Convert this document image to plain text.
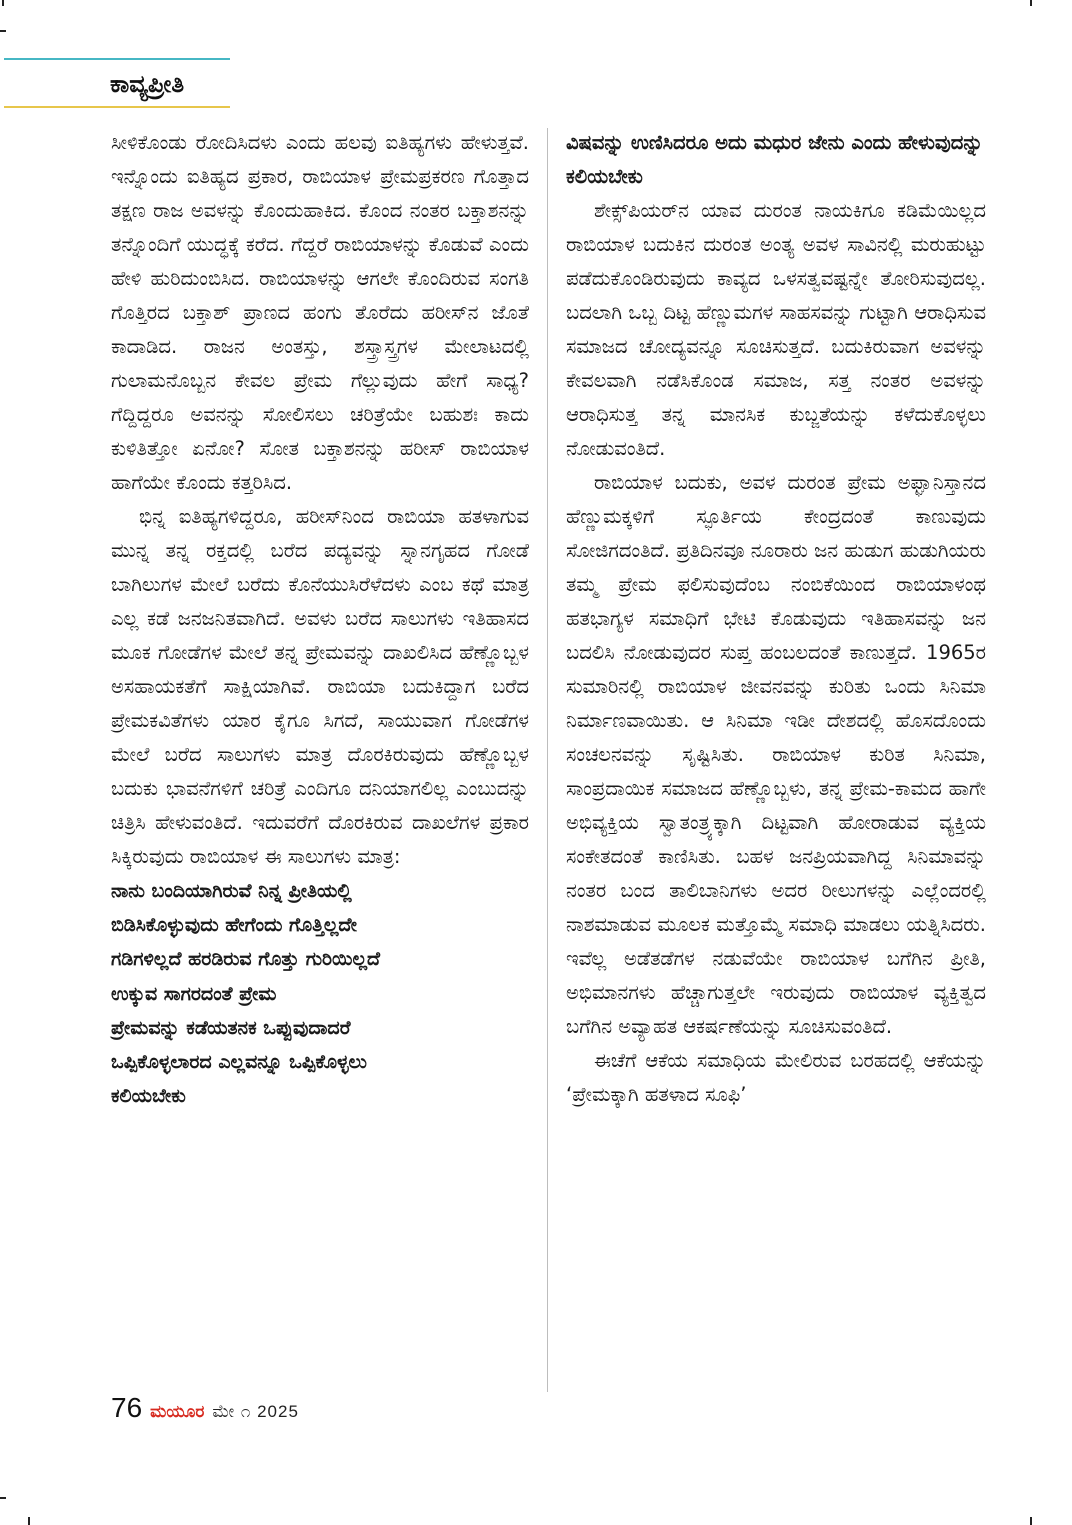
ಕಾವ್ಯಪ್ರೀತಿ

ಸೀಳಿಕೊಂಡು ರೋದಿಸಿದಳು ಎಂದು ಹಲವು ಐತಿಹ್ಯಗಳು ಹೇಳುತ್ತವೆ. ಇನ್ನೊಂದು ಐತಿಹ್ಯದ ಪ್ರಕಾರ, ರಾಬಿಯಾಳ ಪ್ರೇಮಪ್ರಕರಣ ಗೊತ್ತಾದ ತಕ್ಷಣ ರಾಜ ಅವಳನ್ನು ಕೊಂದುಹಾಕಿದ. ಕೊಂದ ನಂತರ ಬಕ್ತಾಶನನ್ನು ತನ್ನೊಂದಿಗೆ ಯುದ್ಧಕ್ಕೆ ಕರೆದ. ಗೆದ್ದರೆ ರಾಬಿಯಾಳನ್ನು ಕೊಡುವೆ ಎಂದು ಹೇಳಿ ಹುರಿದುಂಬಿಸಿದ. ರಾಬಿಯಾಳನ್ನು ಆಗಲೇ ಕೊಂದಿರುವ ಸಂಗತಿ ಗೊತ್ತಿರದ ಬಕ್ತಾಶ್ ಪ್ರಾಣದ ಹಂಗು ತೊರೆದು ಹರೀಸ್‌ನ ಜೊತೆ ಕಾದಾಡಿದ. ರಾಜನ ಅಂತಸ್ತು, ಶಸ್ತ್ರಾಸ್ತ್ರಗಳ ಮೇಲಾಟದಲ್ಲಿ ಗುಲಾಮನೊಬ್ಬನ ಕೇವಲ ಪ್ರೇಮ ಗೆಲ್ಲುವುದು ಹೇಗೆ ಸಾಧ್ಯ? ಗೆದ್ದಿದ್ದರೂ ಅವನನ್ನು ಸೋಲಿಸಲು ಚರಿತ್ರೆಯೇ ಬಹುಶಃ ಕಾದು ಕುಳಿತಿತ್ತೋ ಏನೋ? ಸೋತ ಬಕ್ತಾಶನನ್ನು ಹರೀಸ್ ರಾಬಿಯಾಳ ಹಾಗೆಯೇ ಕೊಂದು ಕತ್ತರಿಸಿದ.

ಭಿನ್ನ ಐತಿಹ್ಯಗಳಿದ್ದರೂ, ಹರೀಸ್‌ನಿಂದ ರಾಬಿಯಾ ಹತಳಾಗುವ ಮುನ್ನ ತನ್ನ ರಕ್ತದಲ್ಲಿ ಬರೆದ ಪದ್ಯವನ್ನು ಸ್ನಾನಗೃಹದ ಗೋಡೆ ಬಾಗಿಲುಗಳ ಮೇಲೆ ಬರೆದು ಕೊನೆಯುಸಿರೆಳೆದಳು ಎಂಬ ಕಥೆ ಮಾತ್ರ ಎಲ್ಲ ಕಡೆ ಜನಜನಿತವಾಗಿದೆ. ಅವಳು ಬರೆದ ಸಾಲುಗಳು ಇತಿಹಾಸದ ಮೂಕ ಗೋಡೆಗಳ ಮೇಲೆ ತನ್ನ ಪ್ರೇಮವನ್ನು ದಾಖಲಿಸಿದ ಹೆಣ್ಣೊಬ್ಬಳ ಅಸಹಾಯಕತೆಗೆ ಸಾಕ್ಷಿಯಾಗಿವೆ. ರಾಬಿಯಾ ಬದುಕಿದ್ದಾಗ ಬರೆದ ಪ್ರೇಮಕವಿತೆಗಳು ಯಾರ ಕೈಗೂ ಸಿಗದೆ, ಸಾಯುವಾಗ ಗೋಡೆಗಳ ಮೇಲೆ ಬರೆದ ಸಾಲುಗಳು ಮಾತ್ರ ದೊರಕಿರುವುದು ಹೆಣ್ಣೊಬ್ಬಳ ಬದುಕು ಭಾವನೆಗಳಿಗೆ ಚರಿತ್ರೆ ಎಂದಿಗೂ ದನಿಯಾಗಲಿಲ್ಲ ಎಂಬುದನ್ನು ಚಿತ್ರಿಸಿ ಹೇಳುವಂತಿದೆ. ಇದುವರೆಗೆ ದೊರಕಿರುವ ದಾಖಲೆಗಳ ಪ್ರಕಾರ ಸಿಕ್ಕಿರುವುದು ರಾಬಿಯಾಳ ಈ ಸಾಲುಗಳು ಮಾತ್ರ:

ನಾನು ಬಂದಿಯಾಗಿರುವೆ ನಿನ್ನ ಪ್ರೀತಿಯಲ್ಲಿ
ಬಿಡಿಸಿಕೊಳ್ಳುವುದು ಹೇಗೆಂದು ಗೊತ್ತಿಲ್ಲದೇ
ಗಡಿಗಳಿಲ್ಲದೆ ಹರಡಿರುವ ಗೊತ್ತು ಗುರಿಯಿಲ್ಲದೆ
ಉಕ್ಕುವ ಸಾಗರದಂತೆ ಪ್ರೇಮ
ಪ್ರೇಮವನ್ನು ಕಡೆಯತನಕ ಒಪ್ಪುವುದಾದರೆ
ಒಪ್ಪಿಕೊಳ್ಳಲಾರದ ಎಲ್ಲವನ್ನೂ ಒಪ್ಪಿಕೊಳ್ಳಲು
ಕಲಿಯಬೇಕು

ವಿಷವನ್ನು ಉಣಿಸಿದರೂ ಅದು ಮಧುರ ಜೇನು ಎಂದು ಹೇಳುವುದನ್ನು ಕಲಿಯಬೇಕು

ಶೇಕ್ಸ್‌ಪಿಯರ್‌ನ ಯಾವ ದುರಂತ ನಾಯಕಿಗೂ ಕಡಿಮೆಯಿಲ್ಲದ ರಾಬಿಯಾಳ ಬದುಕಿನ ದುರಂತ ಅಂತ್ಯ ಅವಳ ಸಾವಿನಲ್ಲಿ ಮರುಹುಟ್ಟು ಪಡೆದುಕೊಂಡಿರುವುದು ಕಾವ್ಯದ ಒಳಸತ್ವವಷ್ಟನ್ನೇ ತೋರಿಸುವುದಲ್ಲ. ಬದಲಾಗಿ ಒಬ್ಬ ದಿಟ್ಟ ಹೆಣ್ಣುಮಗಳ ಸಾಹಸವನ್ನು ಗುಟ್ಟಾಗಿ ಆರಾಧಿಸುವ ಸಮಾಜದ ಚೋದ್ಯವನ್ನೂ ಸೂಚಿಸುತ್ತದೆ. ಬದುಕಿರುವಾಗ ಅವಳನ್ನು ಕೇವಲವಾಗಿ ನಡೆಸಿಕೊಂಡ ಸಮಾಜ, ಸತ್ತ ನಂತರ ಅವಳನ್ನು ಆರಾಧಿಸುತ್ತ ತನ್ನ ಮಾನಸಿಕ ಕುಬ್ಜತೆಯನ್ನು ಕಳೆದುಕೊಳ್ಳಲು ನೋಡುವಂತಿದೆ.

ರಾಬಿಯಾಳ ಬದುಕು, ಅವಳ ದುರಂತ ಪ್ರೇಮ ಅಫ್ಘಾನಿಸ್ತಾನದ ಹೆಣ್ಣುಮಕ್ಕಳಿಗೆ ಸ್ಫೂರ್ತಿಯ ಕೇಂದ್ರದಂತೆ ಕಾಣುವುದು ಸೋಜಿಗದಂತಿದೆ. ಪ್ರತಿದಿನವೂ ನೂರಾರು ಜನ ಹುಡುಗ ಹುಡುಗಿಯರು ತಮ್ಮ ಪ್ರೇಮ ಫಲಿಸುವುದೆಂಬ ನಂಬಿಕೆಯಿಂದ ರಾಬಿಯಾಳಂಥ ಹತಭಾಗ್ಯಳ ಸಮಾಧಿಗೆ ಭೇಟಿ ಕೊಡುವುದು ಇತಿಹಾಸವನ್ನು ಜನ ಬದಲಿಸಿ ನೋಡುವುದರ ಸುಪ್ತ ಹಂಬಲದಂತೆ ಕಾಣುತ್ತದೆ. 1965ರ ಸುಮಾರಿನಲ್ಲಿ ರಾಬಿಯಾಳ ಜೀವನವನ್ನು ಕುರಿತು ಒಂದು ಸಿನಿಮಾ ನಿರ್ಮಾಣವಾಯಿತು. ಆ ಸಿನಿಮಾ ಇಡೀ ದೇಶದಲ್ಲಿ ಹೊಸದೊಂದು ಸಂಚಲನವನ್ನು ಸೃಷ್ಟಿಸಿತು. ರಾಬಿಯಾಳ ಕುರಿತ ಸಿನಿಮಾ, ಸಾಂಪ್ರದಾಯಿಕ ಸಮಾಜದ ಹೆಣ್ಣೊಬ್ಬಳು, ತನ್ನ ಪ್ರೇಮ-ಕಾಮದ ಹಾಗೇ ಅಭಿವ್ಯಕ್ತಿಯ ಸ್ವಾತಂತ್ರ್ಯಕ್ಕಾಗಿ ದಿಟ್ಟವಾಗಿ ಹೋರಾಡುವ ವ್ಯಕ್ತಿಯ ಸಂಕೇತದಂತೆ ಕಾಣಿಸಿತು. ಬಹಳ ಜನಪ್ರಿಯವಾಗಿದ್ದ ಸಿನಿಮಾವನ್ನು ನಂತರ ಬಂದ ತಾಲಿಬಾನಿಗಳು ಅದರ ರೀಲುಗಳನ್ನು ಎಲ್ಲೆಂದರಲ್ಲಿ ನಾಶಮಾಡುವ ಮೂಲಕ ಮತ್ತೊಮ್ಮೆ ಸಮಾಧಿ ಮಾಡಲು ಯತ್ನಿಸಿದರು. ಇವೆಲ್ಲ ಅಡೆತಡೆಗಳ ನಡುವೆಯೇ ರಾಬಿಯಾಳ ಬಗೆಗಿನ ಪ್ರೀತಿ, ಅಭಿಮಾನಗಳು ಹೆಚ್ಚಾಗುತ್ತಲೇ ಇರುವುದು ರಾಬಿಯಾಳ ವ್ಯಕ್ತಿತ್ವದ ಬಗೆಗಿನ ಅವ್ಯಾಹತ ಆಕರ್ಷಣೆಯನ್ನು ಸೂಚಿಸುವಂತಿದೆ.

ಈಚೆಗೆ ಆಕೆಯ ಸಮಾಧಿಯ ಮೇಲಿರುವ ಬರಹದಲ್ಲಿ ಆಕೆಯನ್ನು ‘ಪ್ರೇಮಕ್ಕಾಗಿ ಹತಳಾದ ಸೂಫಿ’

76 ಮಯೂರ ಮೇ ೧ 2025
